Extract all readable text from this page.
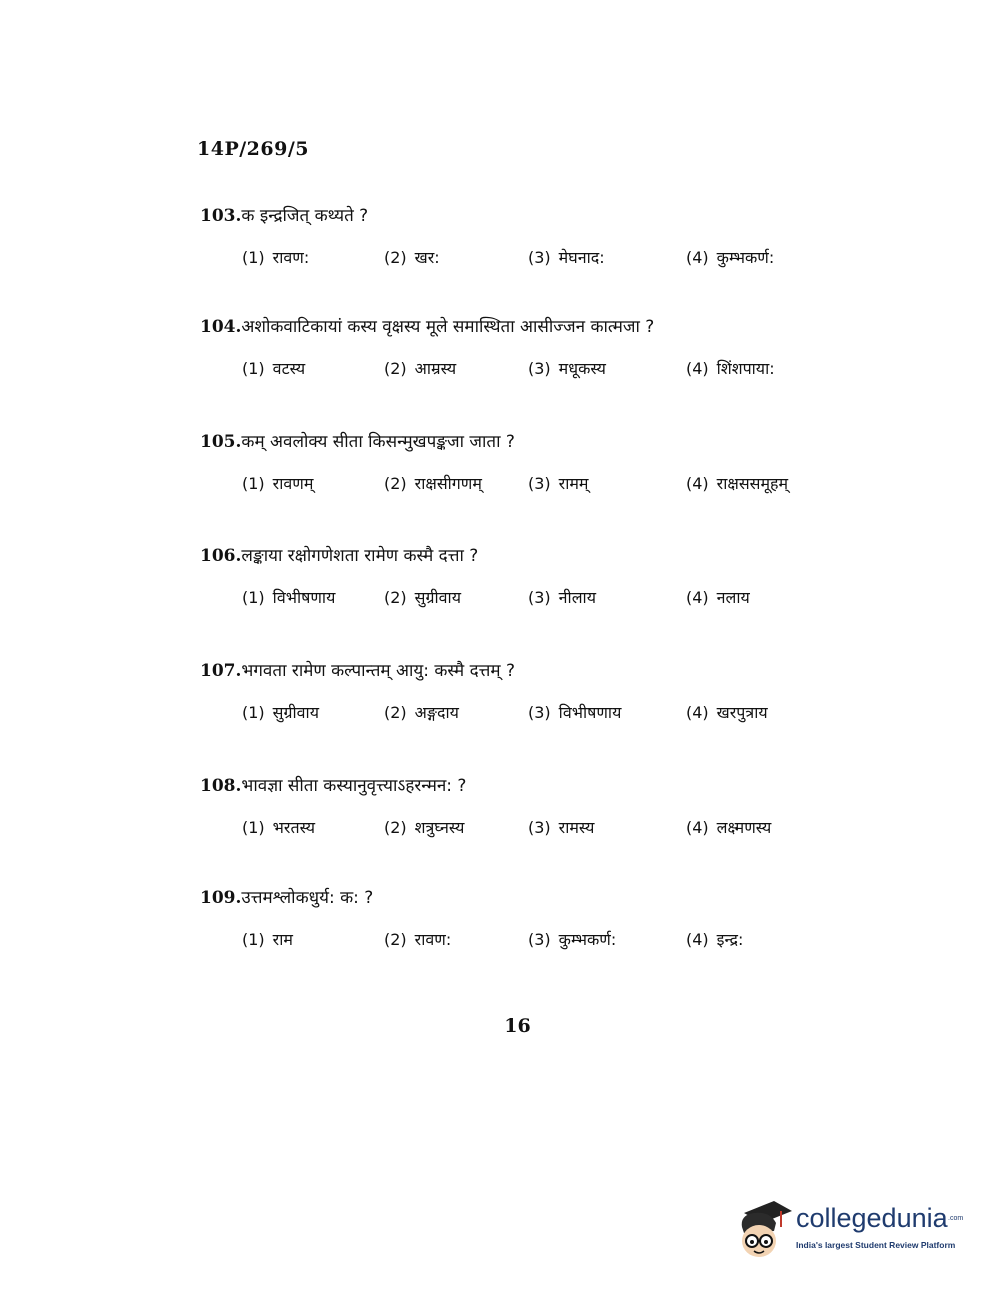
14P/269/5
103.क इन्द्रजित् कथ्यते ?
(1) रावण:	(2) खर:	(3) मेघनाद:	(4) कुम्भकर्ण:
104.अशोकवाटिकायां कस्य वृक्षस्य मूले समास्थिता आसीज्जन कात्मजा ?
(1) वटस्य	(2) आम्रस्य	(3) मधूकस्य	(4) शिंशपाया:
105.कम् अवलोक्य सीता किसन्मुखपङ्कजा जाता ?
(1) रावणम्	(2) राक्षसीगणम्	(3) रामम्	(4) राक्षससमूहम्
106.लङ्काया रक्षोगणेशता रामेण कस्मै दत्ता ?
(1) विभीषणाय	(2) सुग्रीवाय	(3) नीलाय	(4) नलाय
107.भगवता रामेण कल्पान्तम् आयु: कस्मै दत्तम् ?
(1) सुग्रीवाय	(2) अङ्गदाय	(3) विभीषणाय	(4) खरपुत्राय
108.भावज्ञा सीता कस्यानुवृत्त्याऽहरन्मन: ?
(1) भरतस्य	(2) शत्रुघ्नस्य	(3) रामस्य	(4) लक्ष्मणस्य
109.उत्तमश्लोकधुर्य: क: ?
(1) राम	(2) रावण:	(3) कुम्भकर्ण:	(4) इन्द्र:
16
collegedunia .com
India's largest Student Review Platform
